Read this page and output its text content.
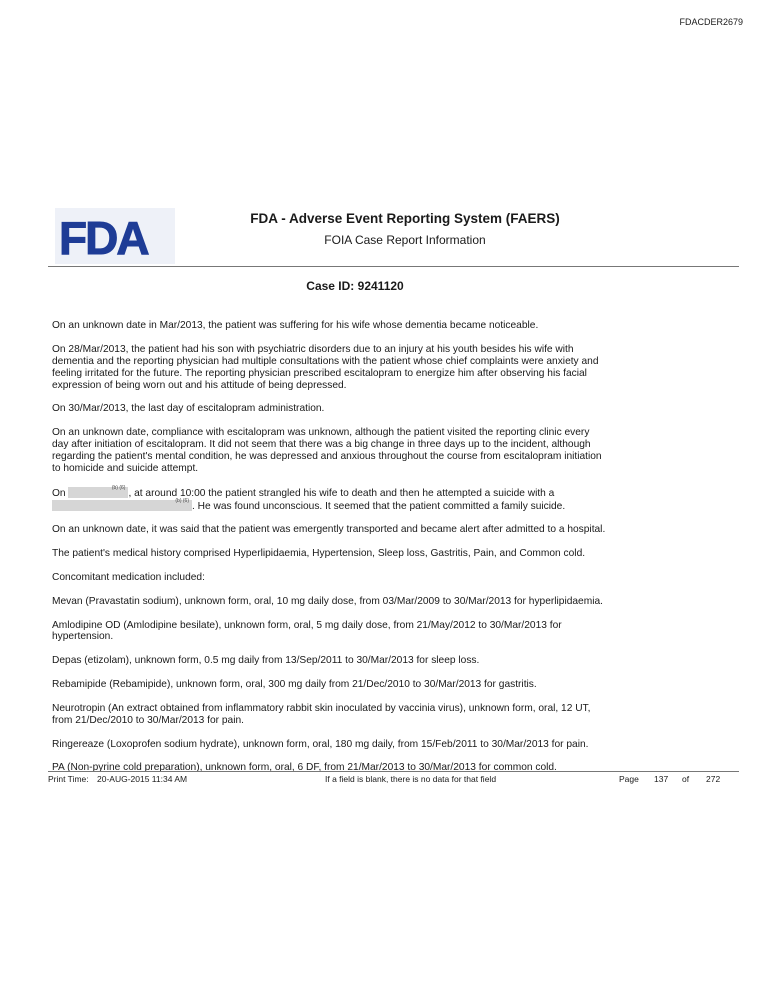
FDACDER2679
FDA	FDA - Adverse Event Reporting System (FAERS)
FOIA Case Report Information
Case ID: 9241120

On an unknown date in Mar/2013, the patient was suffering for his wife whose dementia became noticeable.

On 28/Mar/2013, the patient had his son with psychiatric disorders due to an injury at his youth besides his wife with dementia and the reporting physician had multiple consultations with the patient whose chief complaints were anxiety and feeling irritated for the future. The reporting physician prescribed escitalopram to energize him after observing his facial expression of being worn out and his attitude of being depressed.

On 30/Mar/2013, the last day of escitalopram administration.

On an unknown date, compliance with escitalopram was unknown, although the patient visited the reporting clinic every day after initiation of escitalopram. It did not seem that there was a big change in three days up to the incident, although regarding the patient's mental condition, he was depressed and anxious throughout the course from escitalopram initiation to homicide and suicide attempt.

On	(b) (6) , at around 10:00 the patient strangled his wife to death and then he attempted a suicide with a

(b) (6) . He was found unconscious. It seemed that the patient committed a family suicide.

On an unknown date, it was said that the patient was emergently transported and became alert after admitted to a hospital.

The patient's medical history comprised Hyperlipidaemia, Hypertension, Sleep loss, Gastritis, Pain, and Common cold.

Concomitant medication included:

Mevan (Pravastatin sodium), unknown form, oral, 10 mg daily dose, from 03/Mar/2009 to 30/Mar/2013 for hyperlipidaemia.

Amlodipine OD (Amlodipine besilate), unknown form, oral, 5 mg daily dose, from 21/May/2012 to 30/Mar/2013 for hypertension.

Depas (etizolam), unknown form, 0.5 mg daily from 13/Sep/2011 to 30/Mar/2013 for sleep loss.

Rebamipide (Rebamipide), unknown form, oral, 300 mg daily from 21/Dec/2010 to 30/Mar/2013 for gastritis.

Neurotropin (An extract obtained from inflammatory rabbit skin inoculated by vaccinia virus), unknown form, oral, 12 UT, from 21/Dec/2010 to 30/Mar/2013 for pain.

Ringereaze (Loxoprofen sodium hydrate), unknown form, oral, 180 mg daily, from 15/Feb/2011 to 30/Mar/2013 for pain.

PA (Non-pyrine cold preparation), unknown form, oral, 6 DF, from 21/Mar/2013 to 30/Mar/2013 for common cold.

Print Time: 20-AUG-2015 11:34 AM	If a field is blank, there is no data for that field	Page 137 of 272
